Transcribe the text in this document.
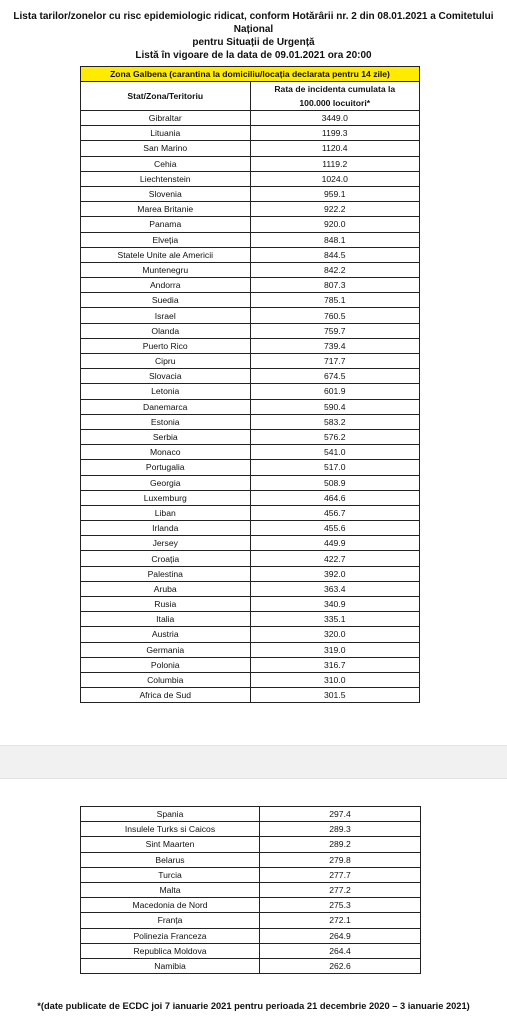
Lista tarilor/zonelor cu risc epidemiologic ridicat, conform Hotărârii nr. 2 din 08.01.2021 a Comitetului Național
pentru Situații de Urgență
Listă în vigoare de la data de 09.01.2021 ora 20:00
Zona Galbena (carantina la domiciliu/locația declarata pentru 14 zile)	
Stat/Zona/Teritoriu	Rata de incidenta cumulata la
100.000 locuitori*
Gibraltar	3449.0
Lituania	1199.3
San Marino	1120.4
Cehia	1119.2
Liechtenstein	1024.0
Slovenia	959.1
Marea Britanie	922.2
Panama	920.0
Elveția	848.1
Statele Unite ale Americii	844.5
Muntenegru	842.2
Andorra	807.3
Suedia	785.1
Israel	760.5
Olanda	759.7
Puerto Rico	739.4
Cipru	717.7
Slovacia	674.5
Letonia	601.9
Danemarca	590.4
Estonia	583.2
Serbia	576.2
Monaco	541.0
Portugalia	517.0
Georgia	508.9
Luxemburg	464.6
Liban	456.7
Irlanda	455.6
Jersey	449.9
Croația	422.7
Palestina	392.0
Aruba	363.4
Rusia	340.9
Italia	335.1
Austria	320.0
Germania	319.0
Polonia	316.7
Columbia	310.0
Africa de Sud	301.5
Spania	297.4
Insulele Turks si Caicos	289.3
Sint Maarten	289.2
Belarus	279.8
Turcia	277.7
Malta	277.2
Macedonia de Nord	275.3
Franța	272.1
Polinezia Franceza	264.9
Republica Moldova	264.4
Namibia	262.6
*(date publicate de ECDC joi 7 ianuarie 2021 pentru perioada 21 decembrie 2020 – 3 ianuarie 2021)
